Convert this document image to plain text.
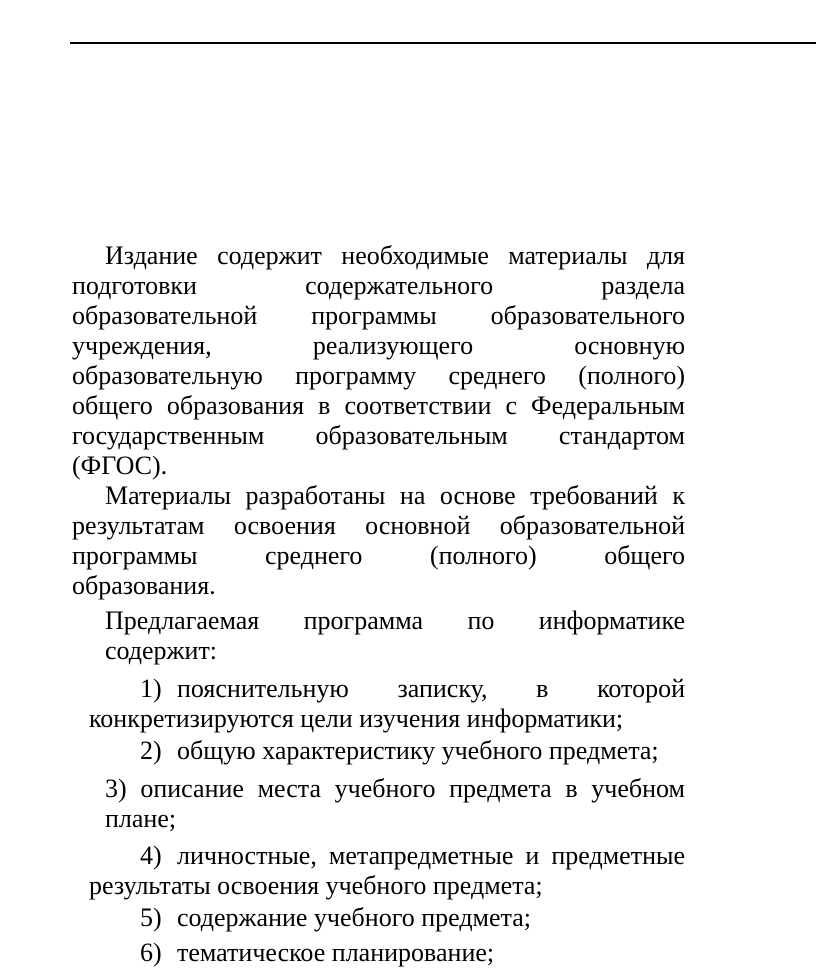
Издание содержит необходимые материалы для

подготовки содержательного раздела

образовательной программы образовательного

учреждения, реализующего основную

образовательную программу среднего (полного)

общего образования в соответствии с Федеральным

государственным образовательным стандартом

(ФГОС).

Материалы разработаны на основе требований к

результатам освоения основной образовательной

программы среднего (полного) общего

образования.

Предлагаемая программа по информатике

содержит:

1) пояснительную записку, в которой

конкретизируются цели изучения информатики;

2) общую характеристику учебного предмета;

3) описание места учебного предмета в учебном

плане;

4) личностные, метапредметные и предметные

результаты освоения учебного предмета;

5) содержание учебного предмета;

6) тематическое планирование;
